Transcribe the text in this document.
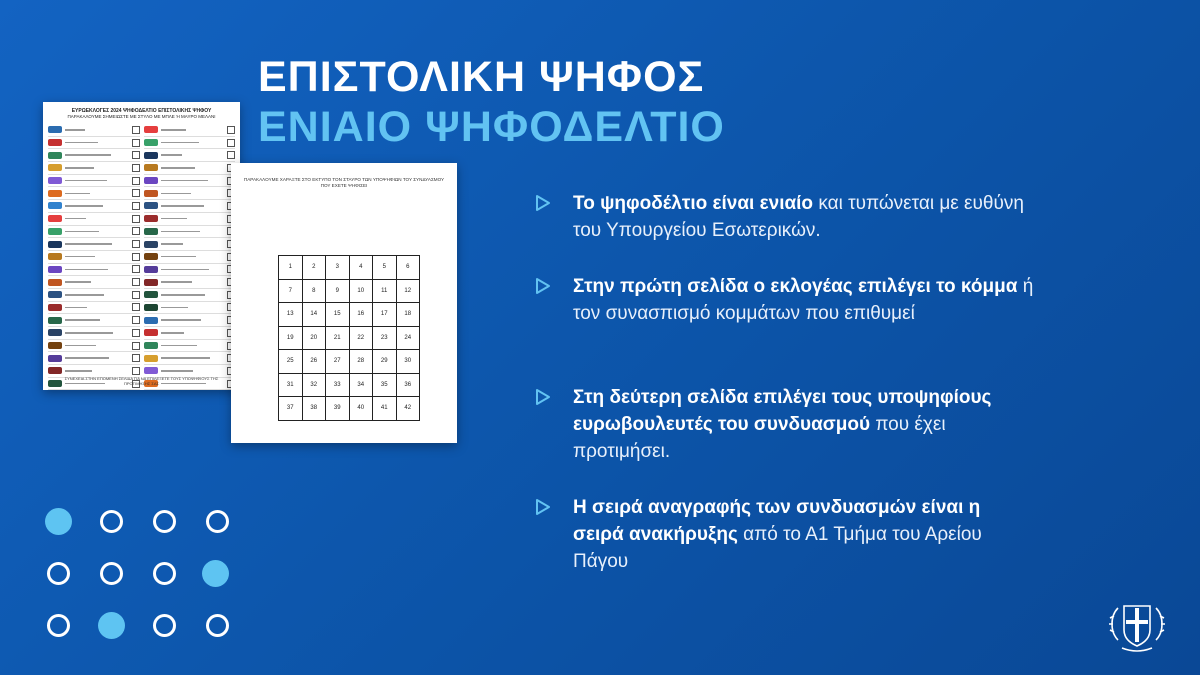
ΕΠΙΣΤΟΛΙΚΗ ΨΗΦΟΣ
ΕΝΙΑΙΟ ΨΗΦΟΔΕΛΤΙΟ
ΕΥΡΩΕΚΛΟΓΕΣ 2024 ΨΗΦΟΔΕΛΤΙΟ ΕΠΙΣΤΟΛΙΚΗΣ ΨΗΦΟΥ
ΠΑΡΑΚΑΛΟΥΜΕ ΣΗΜΕΙΩΣΤΕ ΜΕ ΣΤΥΛΟ ΜΕ ΜΠΛΕ Ή ΜΑΥΡΟ ΜΕΛΑΝΙ
ΣΥΝΕΧΕΙΑ ΣΤΗΝ ΕΠΟΜΕΝΗ ΣΕΛΙΔΑ ΓΙΑ ΝΑ ΕΠΙΛΕΞΕΤΕ ΤΟΥΣ ΥΠΟΨΗΦΙΟΥΣ ΤΗΣ ΠΡΟΤΙΜΗΣΗΣ ΣΑΣ
ΠΑΡΑΚΑΛΟΥΜΕ ΧΑΡΑΞΤΕ ΣΤΟ ΕΚΤΥΠΟ ΤΟΝ ΣΤΑΥΡΟ ΤΩΝ ΥΠΟΨΗΦΙΩΝ ΤΟΥ ΣΥΝΔΥΑΣΜΟΥ ΠΟΥ ΕΧΕΤΕ ΨΗΦΙΣΕΙ
1	2	3	4	5	6
7	8	9	10	11	12
13	14	15	16	17	18
19	20	21	22	23	24
25	26	27	28	29	30
31	32	33	34	35	36
37	38	39	40	41	42
Το ψηφοδέλτιο είναι ενιαίο και τυπώνεται με ευθύνη του Υπουργείου Εσωτερικών.
Στην πρώτη σελίδα ο εκλογέας επιλέγει το κόμμα ή τον συνασπισμό κομμάτων που επιθυμεί
Στη δεύτερη σελίδα επιλέγει τους υποψηφίους ευρωβουλευτές του συνδυασμού που έχει προτιμήσει.
Η σειρά αναγραφής των συνδυασμών είναι η σειρά ανακήρυξης από το Α1 Τμήμα του Αρείου Πάγου
